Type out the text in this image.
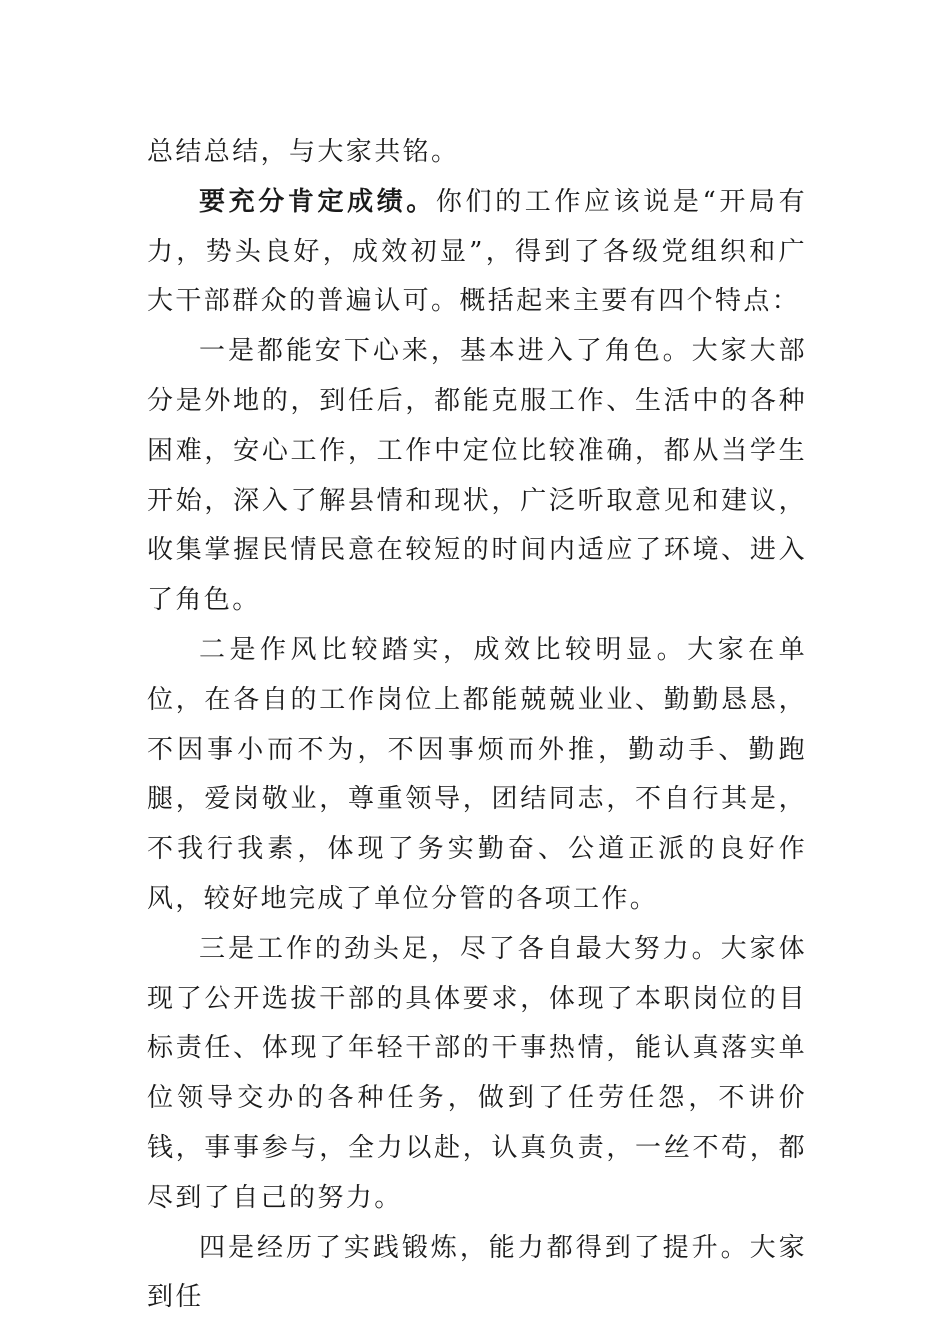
总结总结，与大家共铭。

要充分肯定成绩。你们的工作应该说是“开局有力，势头良好，成效初显”，得到了各级党组织和广大干部群众的普遍认可。概括起来主要有四个特点：

一是都能安下心来，基本进入了角色。大家大部分是外地的，到任后，都能克服工作、生活中的各种困难，安心工作，工作中定位比较准确，都从当学生开始，深入了解县情和现状，广泛听取意见和建议，收集掌握民情民意在较短的时间内适应了环境、进入了角色。

二是作风比较踏实，成效比较明显。大家在单位，在各自的工作岗位上都能兢兢业业、勤勤恳恳，不因事小而不为，不因事烦而外推，勤动手、勤跑腿，爱岗敬业，尊重领导，团结同志，不自行其是，不我行我素，体现了务实勤奋、公道正派的良好作风，较好地完成了单位分管的各项工作。

三是工作的劲头足，尽了各自最大努力。大家体现了公开选拔干部的具体要求，体现了本职岗位的目标责任、体现了年轻干部的干事热情，能认真落实单位领导交办的各种任务，做到了任劳任怨，不讲价钱，事事参与，全力以赴，认真负责，一丝不苟，都尽到了自己的努力。

四是经历了实践锻炼，能力都得到了提升。大家到任
